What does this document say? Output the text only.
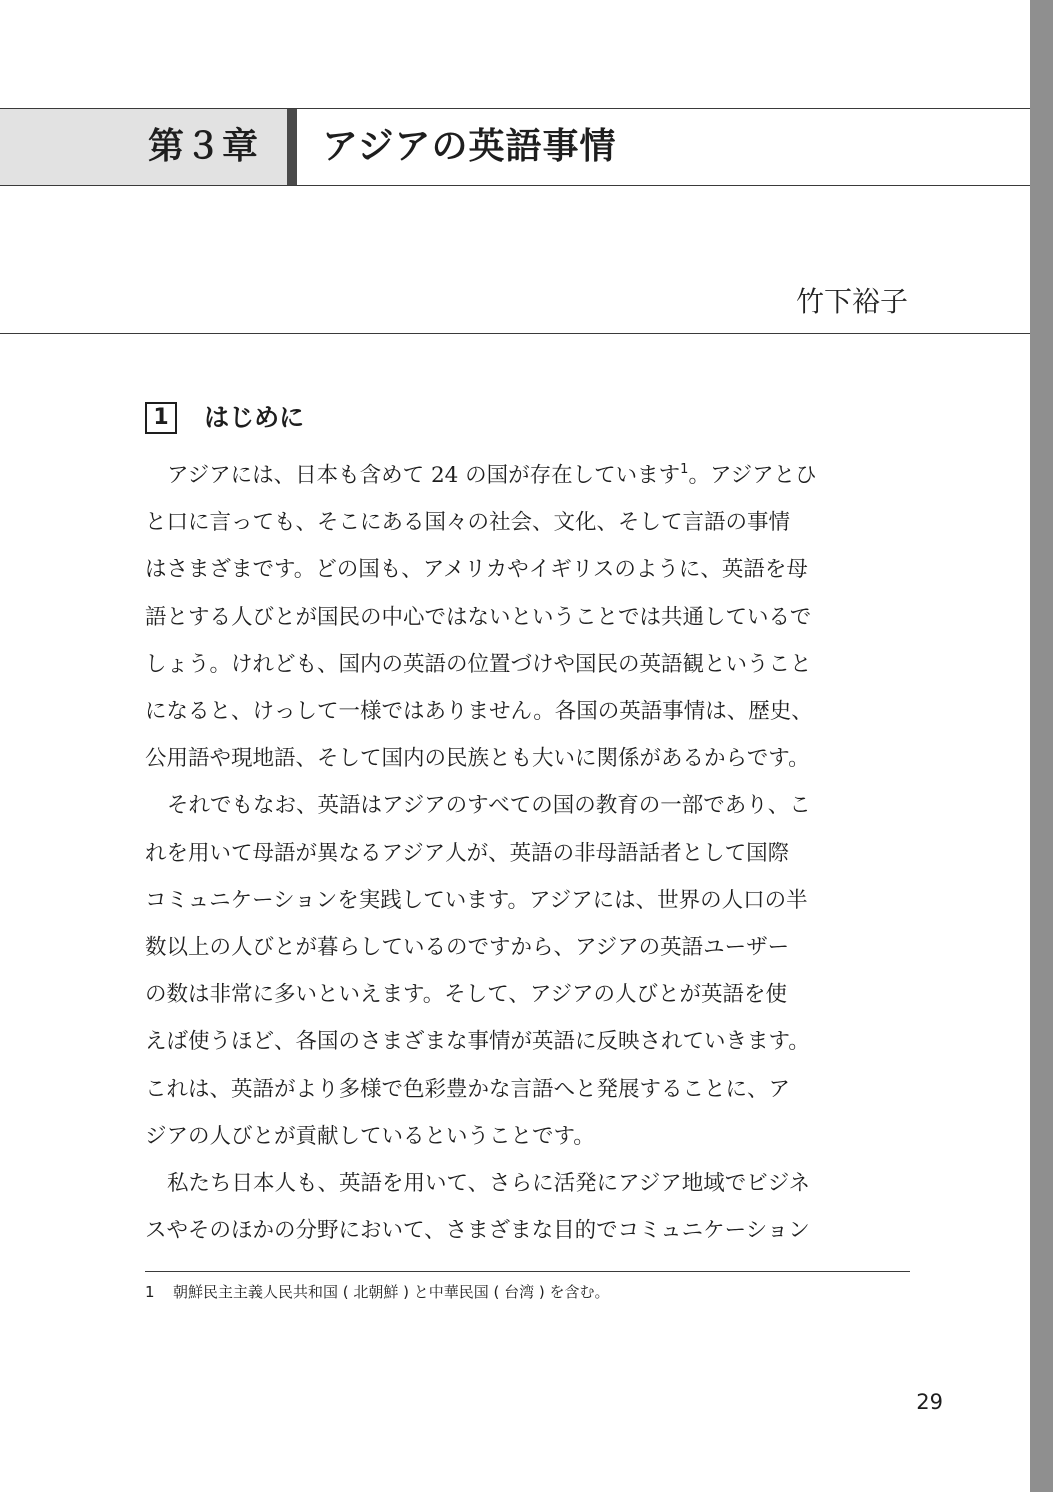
第３章 アジアの英語事情
竹下裕子
1 はじめに
アジアには、日本も含めて 24 の国が存在しています$^1$。アジアとひ
と口に言っても、そこにある国々の社会、文化、そして言語の事情
はさまざまです。どの国も、アメリカやイギリスのように、英語を母
語とする人びとが国民の中心ではないということでは共通しているで
しょう。けれども、国内の英語の位置づけや国民の英語観ということ
になると、けっして一様ではありません。各国の英語事情は、歴史、
公用語や現地語、そして国内の民族とも大いに関係があるからです。
それでもなお、英語はアジアのすべての国の教育の一部であり、こ
れを用いて母語が異なるアジア人が、英語の非母語話者として国際
コミュニケーションを実践しています。アジアには、世界の人口の半
数以上の人びとが暮らしているのですから、アジアの英語ユーザー
の数は非常に多いといえます。そして、アジアの人びとが英語を使
えば使うほど、各国のさまざまな事情が英語に反映されていきます。
これは、英語がより多様で色彩豊かな言語へと発展することに、ア
ジアの人びとが貢献しているということです。
私たち日本人も、英語を用いて、さらに活発にアジア地域でビジネ
スやそのほかの分野において、さまざまな目的でコミュニケーション
1 朝鮮民主主義人民共和国 ( 北朝鮮 ) と中華民国 ( 台湾 ) を含む。
29
